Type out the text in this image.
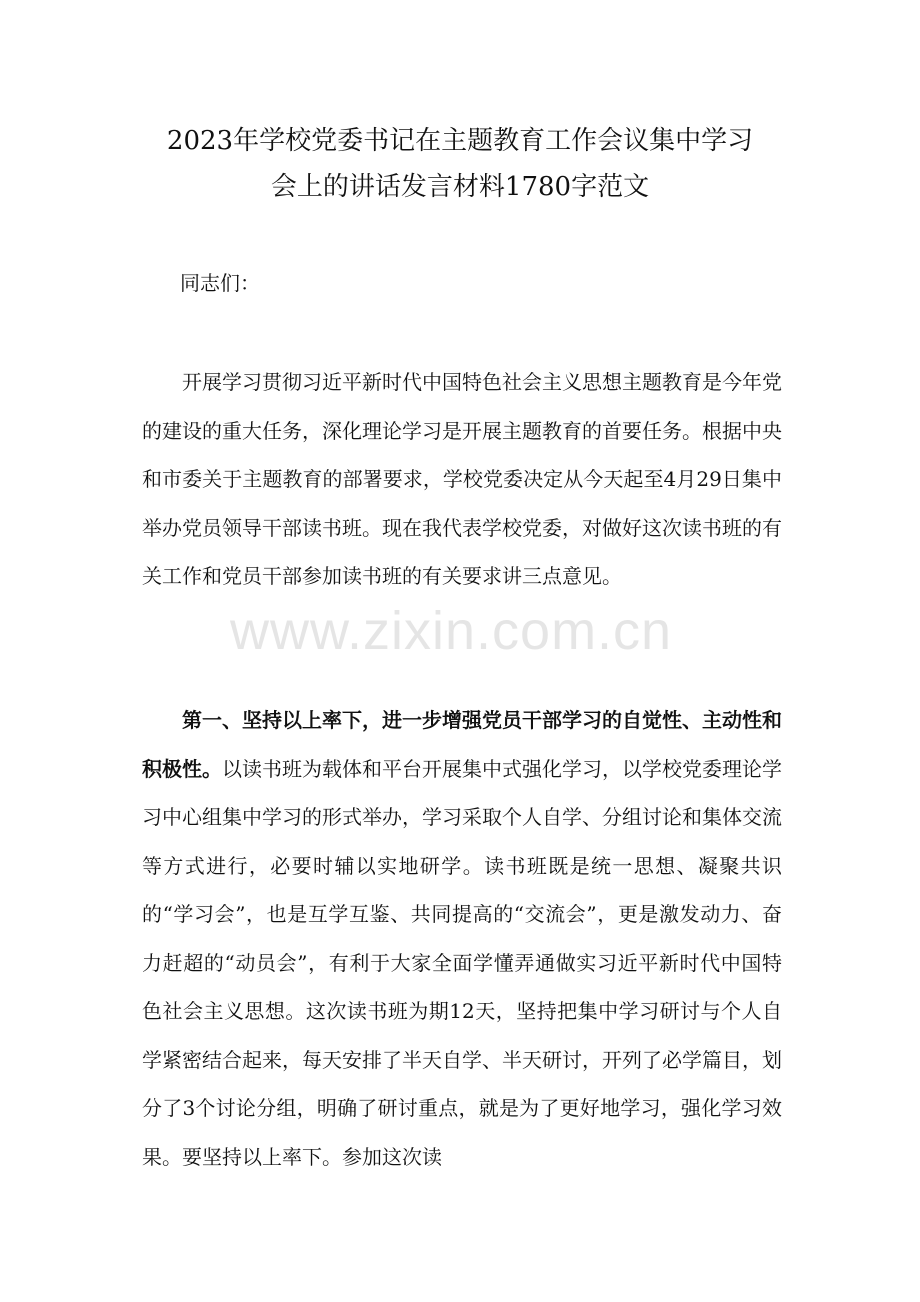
2023年学校党委书记在主题教育工作会议集中学习
会上的讲话发言材料1780字范文
同志们：

开展学习贯彻习近平新时代中国特色社会主义思想主题教育是今年党的建设的重大任务，深化理论学习是开展主题教育的首要任务。根据中央和市委关于主题教育的部署要求，学校党委决定从今天起至4月29日集中举办党员领导干部读书班。现在我代表学校党委，对做好这次读书班的有关工作和党员干部参加读书班的有关要求讲三点意见。

第一、坚持以上率下，进一步增强党员干部学习的自觉性、主动性和积极性。以读书班为载体和平台开展集中式强化学习，以学校党委理论学习中心组集中学习的形式举办，学习采取个人自学、分组讨论和集体交流等方式进行，必要时辅以实地研学。读书班既是统一思想、凝聚共识的“学习会”，也是互学互鉴、共同提高的“交流会”，更是激发动力、奋力赶超的“动员会”，有利于大家全面学懂弄通做实习近平新时代中国特色社会主义思想。这次读书班为期12天，坚持把集中学习研讨与个人自学紧密结合起来，每天安排了半天自学、半天研讨，开列了必学篇目，划分了3个讨论分组，明确了研讨重点，就是为了更好地学习，强化学习效果。要坚持以上率下。参加这次读

www.zixin.com.cn
